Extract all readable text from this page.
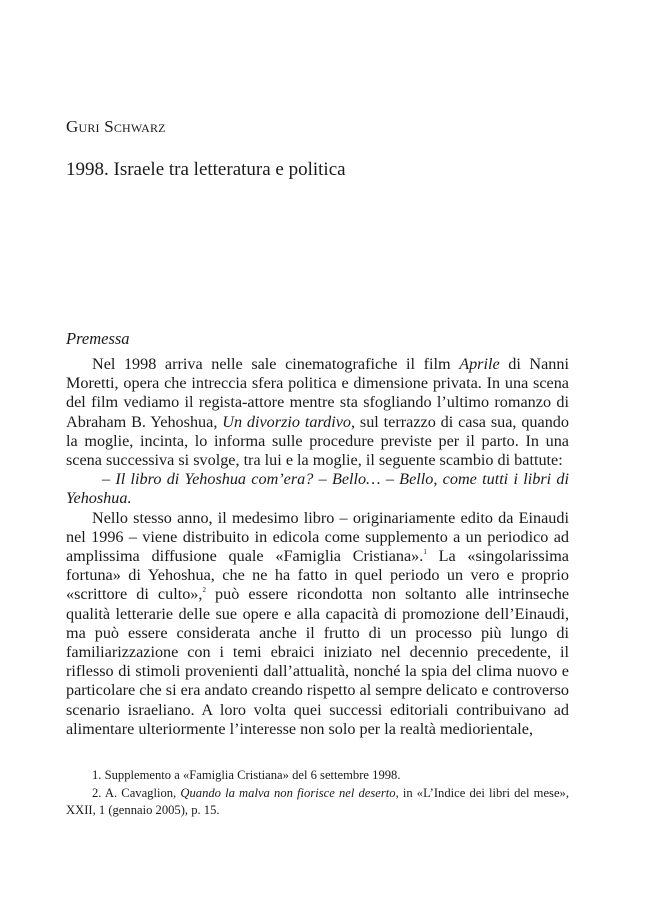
Guri Schwarz

1998. Israele tra letteratura e politica
Premessa

Nel 1998 arriva nelle sale cinematografiche il film Aprile di Nanni Moretti, opera che intreccia sfera politica e dimensione privata. In una scena del film vediamo il regista-attore mentre sta sfogliando l’ultimo romanzo di Abraham B. Yehoshua, Un divorzio tardivo, sul terrazzo di casa sua, quando la moglie, incinta, lo informa sulle procedure previste per il parto. In una scena successiva si svolge, tra lui e la moglie, il seguente scambio di battute:

– Il libro di Yehoshua com’era? – Bello… – Bello, come tutti i libri di Yehoshua.

Nello stesso anno, il medesimo libro – originariamente edito da Einaudi nel 1996 – viene distribuito in edicola come supplemento a un periodico ad amplissima diffusione quale «Famiglia Cristiana».$^1$ La «singolarissima fortuna» di Yehoshua, che ne ha fatto in quel periodo un vero e proprio «scrittore di culto»,$^2$ può essere ricondotta non soltanto alle intrinseche qualità letterarie delle sue opere e alla capacità di promozione dell’Einaudi, ma può essere considerata anche il frutto di un processo più lungo di familiarizzazione con i temi ebraici iniziato nel decennio precedente, il riflesso di stimoli provenienti dall’attualità, nonché la spia del clima nuovo e particolare che si era andato creando rispetto al sempre delicato e controverso scenario israeliano. A loro volta quei successi editoriali contribuivano ad alimentare ulteriormente l’interesse non solo per la realtà mediorientale,

1. Supplemento a «Famiglia Cristiana» del 6 settembre 1998.

2. A. Cavaglion, Quando la malva non fiorisce nel deserto, in «L’Indice dei libri del mese», XXII, 1 (gennaio 2005), p. 15.
